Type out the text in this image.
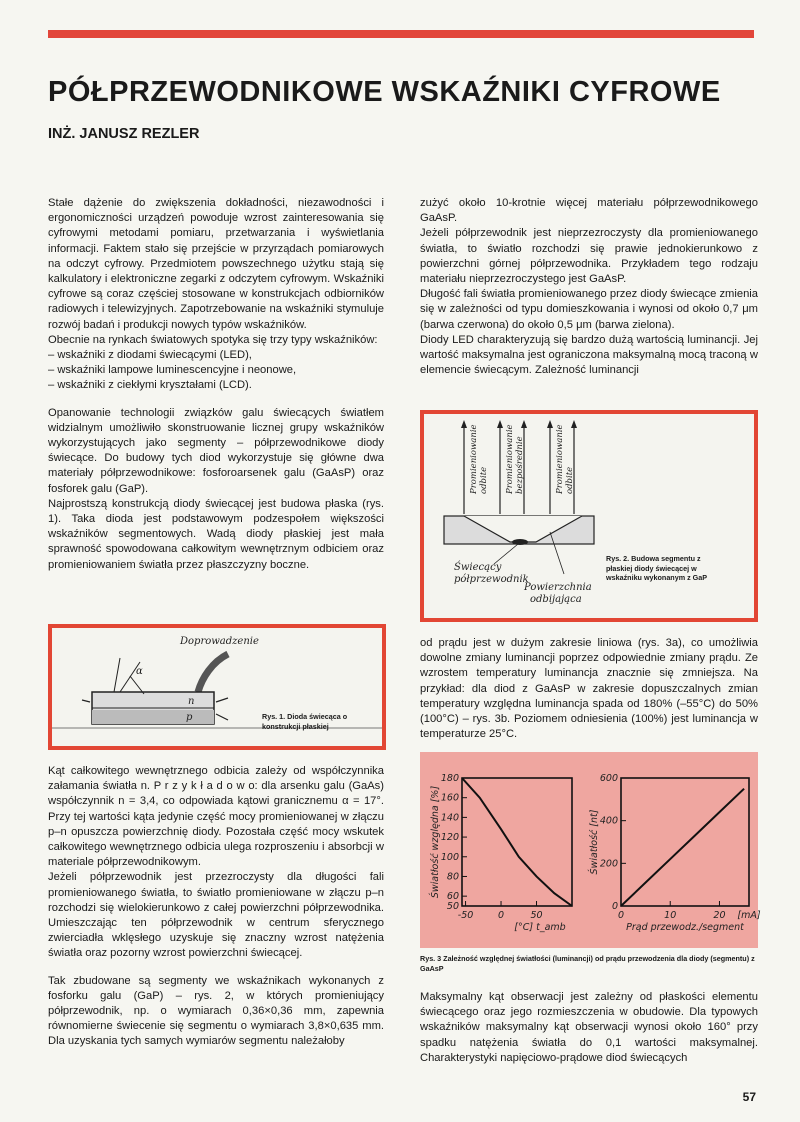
PÓŁPRZEWODNIKOWE WSKAŹNIKI CYFROWE
INŻ. JANUSZ REZLER

Stałe dążenie do zwiększenia dokładności, niezawodności i ergonomiczności urządzeń powoduje wzrost zainteresowania się cyfrowymi metodami pomiaru, przetwarzania i wyświetlania informacji. Faktem stało się przejście w przyrządach pomiarowych na odczyt cyfrowy. Przedmiotem powszechnego użytku stają się kalkulatory i elektroniczne zegarki z odczytem cyfrowym. Wskaźniki cyfrowe są coraz częściej stosowane w konstrukcjach odbiorników radiowych i telewizyjnych. Zapotrzebowanie na wskaźniki stymuluje rozwój badań i produkcji nowych typów wskaźników.

Obecnie na rynkach światowych spotyka się trzy typy wskaźników:

– wskaźniki z diodami świecącymi (LED),
– wskaźniki lampowe luminescencyjne i neonowe,
– wskaźniki z ciekłymi kryształami (LCD).

Opanowanie technologii związków galu świecących światłem widzialnym umożliwiło skonstruowanie licznej grupy wskaźników wykorzystujących jako segmenty – półprzewodnikowe diody świecące. Do budowy tych diod wykorzystuje się główne dwa materiały półprzewodnikowe: fosforoarsenek galu (GaAsP) oraz fosforek galu (GaP).

Najprostszą konstrukcją diody świecącej jest budowa płaska (rys. 1). Taka dioda jest podstawowym podzespołem większości wskaźników segmentowych. Wadą diody płaskiej jest mała sprawność spowodowana całkowitym wewnętrznym odbiciem oraz promieniowaniem światła przez płaszczyzny boczne.

Doprowadzenie
α
n
p	Rys. 1. Dioda świecąca o konstrukcji płaskiej

Kąt całkowitego wewnętrznego odbicia zależy od współczynnika załamania światła n. P r z y k ł a d o w o: dla arsenku galu (GaAs) współczynnik n = 3,4, co odpowiada kątowi granicznemu α = 17°. Przy tej wartości kąta jedynie część mocy promieniowanej w złączu p–n opuszcza powierzchnię diody. Pozostała część mocy wskutek całkowitego wewnętrznego odbicia ulega rozproszeniu i absorbcji w materiale półprzewodnikowym.

Jeżeli półprzewodnik jest przezroczysty dla długości fali promieniowanego światła, to światło promieniowane w złączu p–n rozchodzi się wielokierunkowo z całej powierzchni półprzewodnika. Umieszczając ten półprzewodnik w centrum sferycznego zwierciadła wklęsłego uzyskuje się znaczny wzrost natężenia światła oraz pozorny wzrost powierzchni świecącej.

Tak zbudowane są segmenty we wskaźnikach wykonanych z fosforku galu (GaP) – rys. 2, w których promieniujący półprzewodnik, np. o wymiarach 0,36×0,36 mm, zapewnia równomierne świecenie się segmentu o wymiarach 3,8×0,635 mm. Dla uzyskania tych samych wymiarów segmentu należałoby

zużyć około 10-krotnie więcej materiału półprzewodnikowego GaAsP.

Jeżeli półprzewodnik jest nieprzezroczysty dla promieniowanego światła, to światło rozchodzi się prawie jednokierunkowo z powierzchni górnej półprzewodnika. Przykładem tego rodzaju materiału nieprzezroczystego jest GaAsP.

Długość fali światła promieniowanego przez diody świecące zmienia się w zależności od typu domieszkowania i wynosi od około 0,7 μm (barwa czerwona) do około 0,5 μm (barwa zielona).

Diody LED charakteryzują się bardzo dużą wartością luminancji. Jej wartość maksymalna jest ograniczona maksymalną mocą traconą w elemencie świecącym. Zależność luminancji

Promieniowanie odbite Promieniowanie bezpośrednie	Promieniowanie odbite
Świecący
półprzewodnik
Powierzchnia
odbijająca
Rys. 2. Budowa segmentu z płaskiej diody świecącej w wskaźniku wykonanym z GaP

od prądu jest w dużym zakresie liniowa (rys. 3a), co umożliwia dowolne zmiany luminancji poprzez odpowiednie zmiany prądu. Ze wzrostem temperatury luminancja znacznie się zmniejsza. Na przykład: dla diod z GaAsP w zakresie dopuszczalnych zmian temperatury względna luminancja spada od 180% (–55°C) do 50% (100°C) – rys. 3b. Poziomem odniesienia (100%) jest luminancja w temperaturze 25°C.

50
60
80
100
120
140
160
180
-50	0	50
Światłość względna [%]
[°C] t_amb
0
200
400
600
0	10	20 [mA]
Światłość [nt]
Prąd przewodz./segment
Rys. 3 Zależność względnej światłości (luminancji) od prądu przewodzenia dla diody (segmentu) z GaAsP

Maksymalny kąt obserwacji jest zależny od płaskości elementu świecącego oraz jego rozmieszczenia w obudowie. Dla typowych wskaźników maksymalny kąt obserwacji wynosi około 160° przy spadku natężenia światła do 0,1 wartości maksymalnej. Charakterystyki napięciowo-prądowe diod świecących

57
